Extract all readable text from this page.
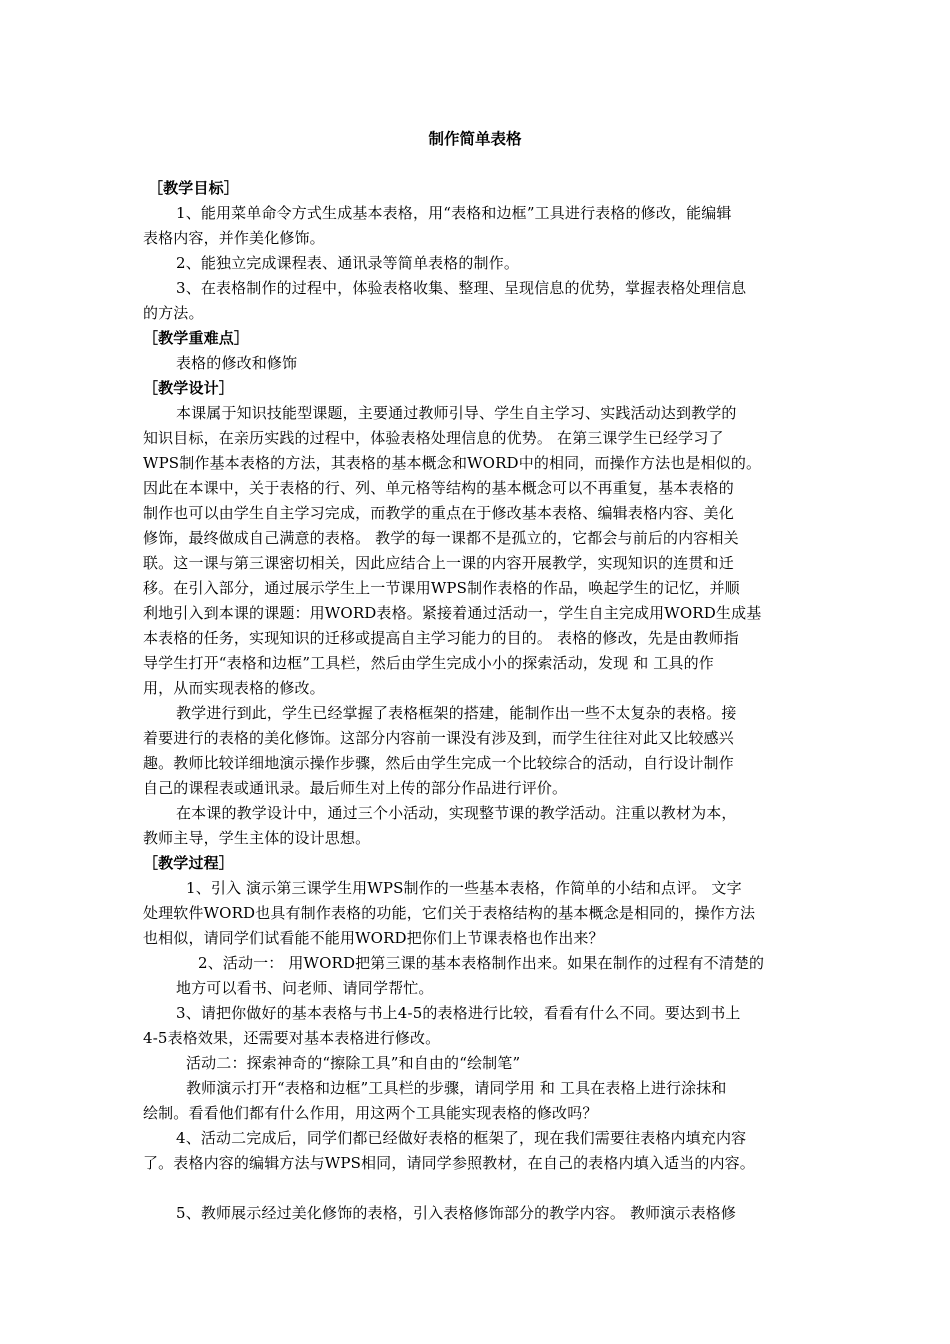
制作简单表格
［教学目标］
1、能用菜单命令方式生成基本表格，用“表格和边框”工具进行表格的修改，能编辑
表格内容，并作美化修饰。
2、能独立完成课程表、通讯录等简单表格的制作。
3、在表格制作的过程中，体验表格收集、整理、呈现信息的优势，掌握表格处理信息
的方法。
［教学重难点］
表格的修改和修饰
［教学设计］
本课属于知识技能型课题，主要通过教师引导、学生自主学习、实践活动达到教学的
知识目标，在亲历实践的过程中，体验表格处理信息的优势。 在第三课学生已经学习了
WPS制作基本表格的方法，其表格的基本概念和WORD中的相同，而操作方法也是相似的。
因此在本课中，关于表格的行、列、单元格等结构的基本概念可以不再重复，基本表格的
制作也可以由学生自主学习完成，而教学的重点在于修改基本表格、编辑表格内容、美化
修饰，最终做成自己满意的表格。 教学的每一课都不是孤立的，它都会与前后的内容相关
联。这一课与第三课密切相关，因此应结合上一课的内容开展教学，实现知识的连贯和迁
移。在引入部分，通过展示学生上一节课用WPS制作表格的作品，唤起学生的记忆，并顺
利地引入到本课的课题：用WORD表格。紧接着通过活动一，学生自主完成用WORD生成基
本表格的任务，实现知识的迁移或提高自主学习能力的目的。 表格的修改，先是由教师指
导学生打开“表格和边框”工具栏，然后由学生完成小小的探索活动，发现 和 工具的作
用，从而实现表格的修改。
教学进行到此，学生已经掌握了表格框架的搭建，能制作出一些不太复杂的表格。接
着要进行的表格的美化修饰。这部分内容前一课没有涉及到，而学生往往对此又比较感兴
趣。教师比较详细地演示操作步骤，然后由学生完成一个比较综合的活动，自行设计制作
自己的课程表或通讯录。最后师生对上传的部分作品进行评价。
在本课的教学设计中，通过三个小活动，实现整节课的教学活动。注重以教材为本，
教师主导，学生主体的设计思想。
［教学过程］
1、引入 演示第三课学生用WPS制作的一些基本表格，作简单的小结和点评。 文字
处理软件WORD也具有制作表格的功能，它们关于表格结构的基本概念是相同的，操作方法
也相似，请同学们试看能不能用WORD把你们上节课表格也作出来？
2、活动一： 用WORD把第三课的基本表格制作出来。如果在制作的过程有不清楚的
地方可以看书、问老师、请同学帮忙。
3、请把你做好的基本表格与书上4-5的表格进行比较，看看有什么不同。要达到书上
4-5表格效果，还需要对基本表格进行修改。
活动二：探索神奇的“擦除工具”和自由的“绘制笔”
教师演示打开“表格和边框”工具栏的步骤，请同学用 和 工具在表格上进行涂抹和
绘制。看看他们都有什么作用，用这两个工具能实现表格的修改吗？
4、活动二完成后，同学们都已经做好表格的框架了，现在我们需要往表格内填充内容
了。表格内容的编辑方法与WPS相同，请同学参照教材，在自己的表格内填入适当的内容。
5、教师展示经过美化修饰的表格，引入表格修饰部分的教学内容。 教师演示表格修
